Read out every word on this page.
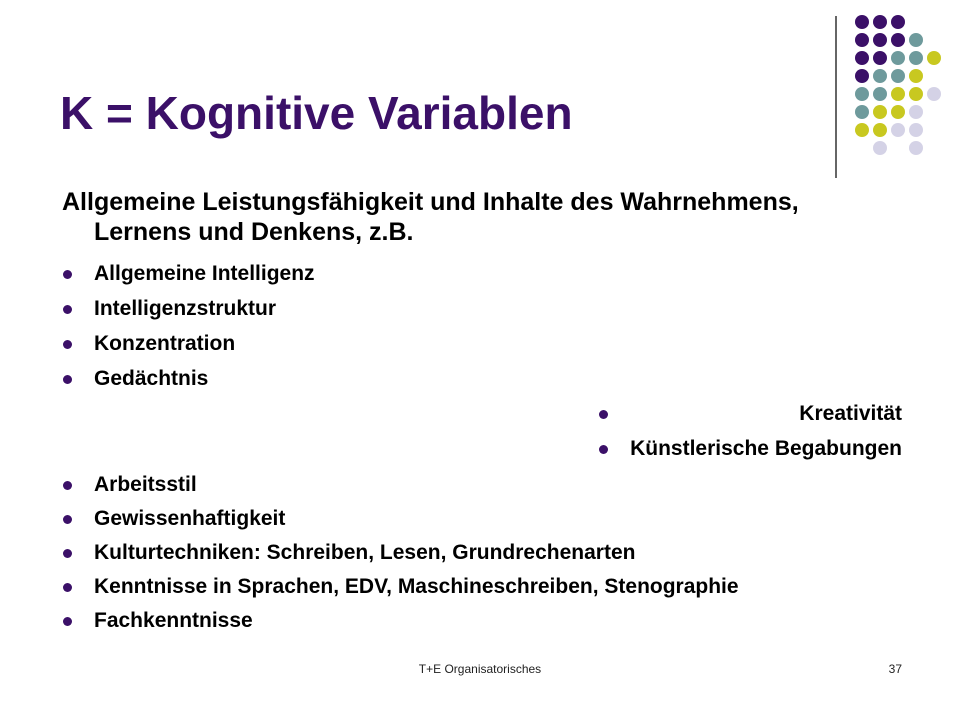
K = Kognitive Variablen
Allgemeine Leistungsfähigkeit und Inhalte des Wahrnehmens, Lernens und Denkens, z.B.
Allgemeine Intelligenz
Intelligenzstruktur
Konzentration
Gedächtnis
Kreativität
Künstlerische Begabungen
Arbeitsstil
Gewissenhaftigkeit
Kulturtechniken: Schreiben, Lesen, Grundrechenarten
Kenntnisse in Sprachen, EDV, Maschineschreiben, Stenographie
Fachkenntnisse
T+E Organisatorisches	37
